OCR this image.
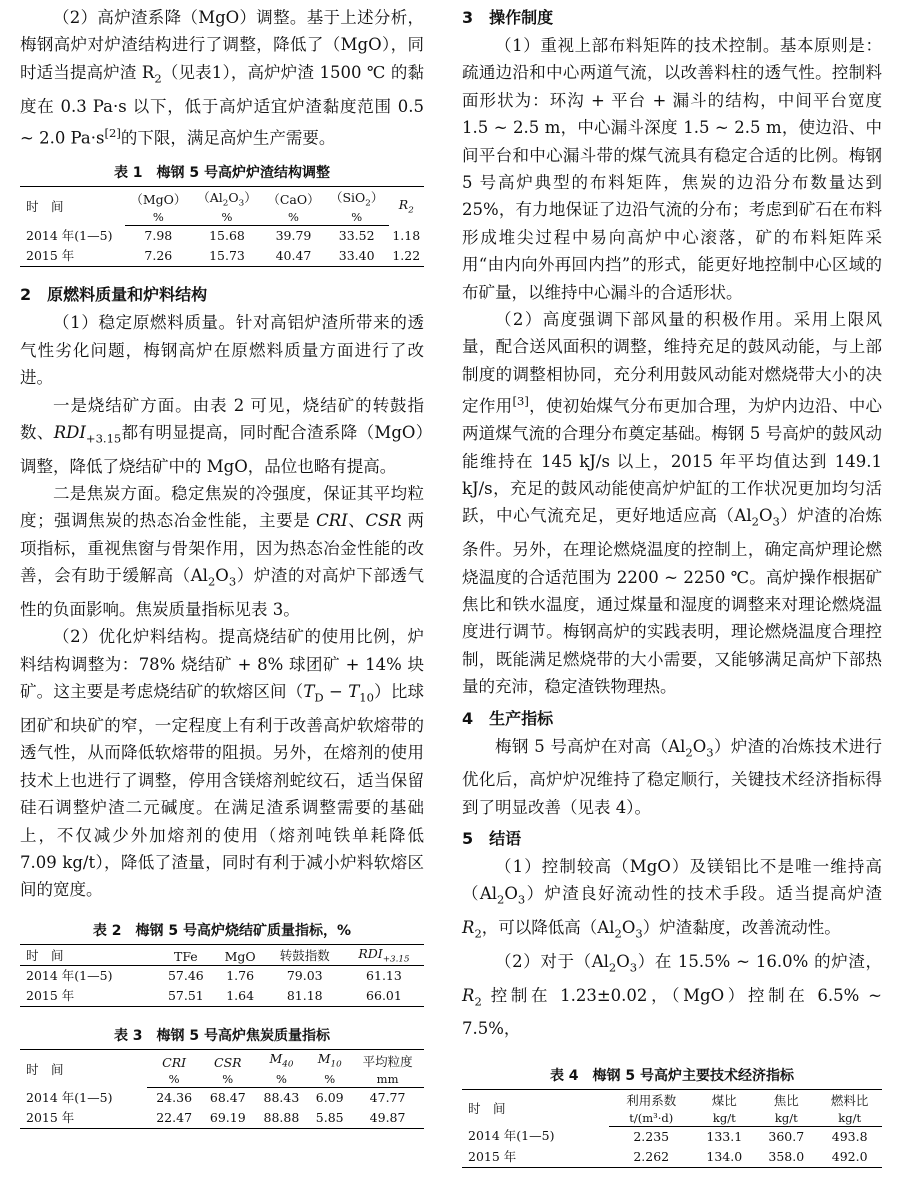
（2）高炉渣系降（MgO）调整。基于上述分析，梅钢高炉对炉渣结构进行了调整，降低了（MgO），同时适当提高炉渣 $R_2$（见表1），高炉炉渣 1500 ℃ 的黏度在 0.3 Pa·s 以下，低于高炉适宜炉渣黏度范围 0.5 ~ 2.0 Pa·s[2]的下限，满足高炉生产需要。

表 1　梅钢 5 号高炉炉渣结构调整
时　间	（MgO）	$(Al_2O_3)$	（CaO）	（SiO$_2$）	$R_2$
	%	%	%	%	
2014 年(1—5)	7.98	15.68	39.79	33.52	1.18
2015 年	7.26	15.73	40.47	33.40	1.22
2　原燃料质量和炉料结构

（1）稳定原燃料质量。针对高铝炉渣所带来的透气性劣化问题，梅钢高炉在原燃料质量方面进行了改进。

一是烧结矿方面。由表 2 可见，烧结矿的转鼓指数、$RDI_{+3.15}$都有明显提高，同时配合渣系降（MgO）调整，降低了烧结矿中的 MgO，品位也略有提高。

二是焦炭方面。稳定焦炭的冷强度，保证其平均粒度；强调焦炭的热态冶金性能，主要是 CRI、CSR 两项指标，重视焦窗与骨架作用，因为热态冶金性能的改善，会有助于缓解高$(Al_2O_3)$炉渣的对高炉下部透气性的负面影响。焦炭质量指标见表 3。

（2）优化炉料结构。提高烧结矿的使用比例，炉料结构调整为：78% 烧结矿 + 8% 球团矿 + 14% 块矿。这主要是考虑烧结矿的软熔区间$(T_D - T_{10})$比球团矿和块矿的窄，一定程度上有利于改善高炉软熔带的透气性，从而降低软熔带的阻损。另外，在熔剂的使用技术上也进行了调整，停用含镁熔剂蛇纹石，适当保留硅石调整炉渣二元碱度。在满足渣系调整需要的基础上，不仅减少外加熔剂的使用（熔剂吨铁单耗降低 7.09 kg/t），降低了渣量，同时有利于减小炉料软熔区间的宽度。

表 2　梅钢 5 号高炉烧结矿质量指标，%
时　间	TFe	MgO	转鼓指数	$RDI_{+3.15}$
2014 年(1—5)	57.46	1.76	79.03	61.13
2015 年	57.51	1.64	81.18	66.01
表 3　梅钢 5 号高炉焦炭质量指标
时　间	CRI	CSR	$M_{40}$	$M_{10}$	平均粒度
	%	%	%	%	mm
2014 年(1—5)	24.36	68.47	88.43	6.09	47.77
2015 年	22.47	69.19	88.88	5.85	49.87
3　操作制度

（1）重视上部布料矩阵的技术控制。基本原则是：疏通边沿和中心两道气流，以改善料柱的透气性。控制料面形状为：环沟 + 平台 + 漏斗的结构，中间平台宽度 1.5 ~ 2.5 m，中心漏斗深度 1.5 ~ 2.5 m，使边沿、中间平台和中心漏斗带的煤气流具有稳定合适的比例。梅钢 5 号高炉典型的布料矩阵，焦炭的边沿分布数量达到 25%，有力地保证了边沿气流的分布；考虑到矿石在布料形成堆尖过程中易向高炉中心滚落，矿的布料矩阵采用“由内向外再回内挡”的形式，能更好地控制中心区域的布矿量，以维持中心漏斗的合适形状。

（2）高度强调下部风量的积极作用。采用上限风量，配合送风面积的调整，维持充足的鼓风动能，与上部制度的调整相协同，充分利用鼓风动能对燃烧带大小的决定作用[3]，使初始煤气分布更加合理，为炉内边沿、中心两道煤气流的合理分布奠定基础。梅钢 5 号高炉的鼓风动能维持在 145 kJ/s 以上，2015 年平均值达到 149.1 kJ/s，充足的鼓风动能使高炉炉缸的工作状况更加均匀活跃，中心气流充足，更好地适应高$(Al_2O_3)$炉渣的冶炼条件。另外，在理论燃烧温度的控制上，确定高炉理论燃烧温度的合适范围为 2200 ~ 2250 ℃。高炉操作根据矿焦比和铁水温度，通过煤量和湿度的调整来对理论燃烧温度进行调节。梅钢高炉的实践表明，理论燃烧温度合理控制，既能满足燃烧带的大小需要，又能够满足高炉下部热量的充沛，稳定渣铁物理热。

4　生产指标

梅钢 5 号高炉在对高$(Al_2O_3)$炉渣的冶炼技术进行优化后，高炉炉况维持了稳定顺行，关键技术经济指标得到了明显改善（见表 4）。

5　结语

（1）控制较高（MgO）及镁铝比不是唯一维持高$(Al_2O_3)$炉渣良好流动性的技术手段。适当提高炉渣 $R_2$，可以降低高$(Al_2O_3)$炉渣黏度，改善流动性。

（2）对于$(Al_2O_3)$在 15.5% ~ 16.0% 的炉渣，$R_2$ 控制在 1.23±0.02，（MgO）控制在 6.5% ~ 7.5%，

表 4　梅钢 5 号高炉主要技术经济指标
时　间	利用系数	煤比	焦比	燃料比
	t/(m³·d)	kg/t	kg/t	kg/t
2014 年(1—5)	2.235	133.1	360.7	493.8
2015 年	2.262	134.0	358.0	492.0
